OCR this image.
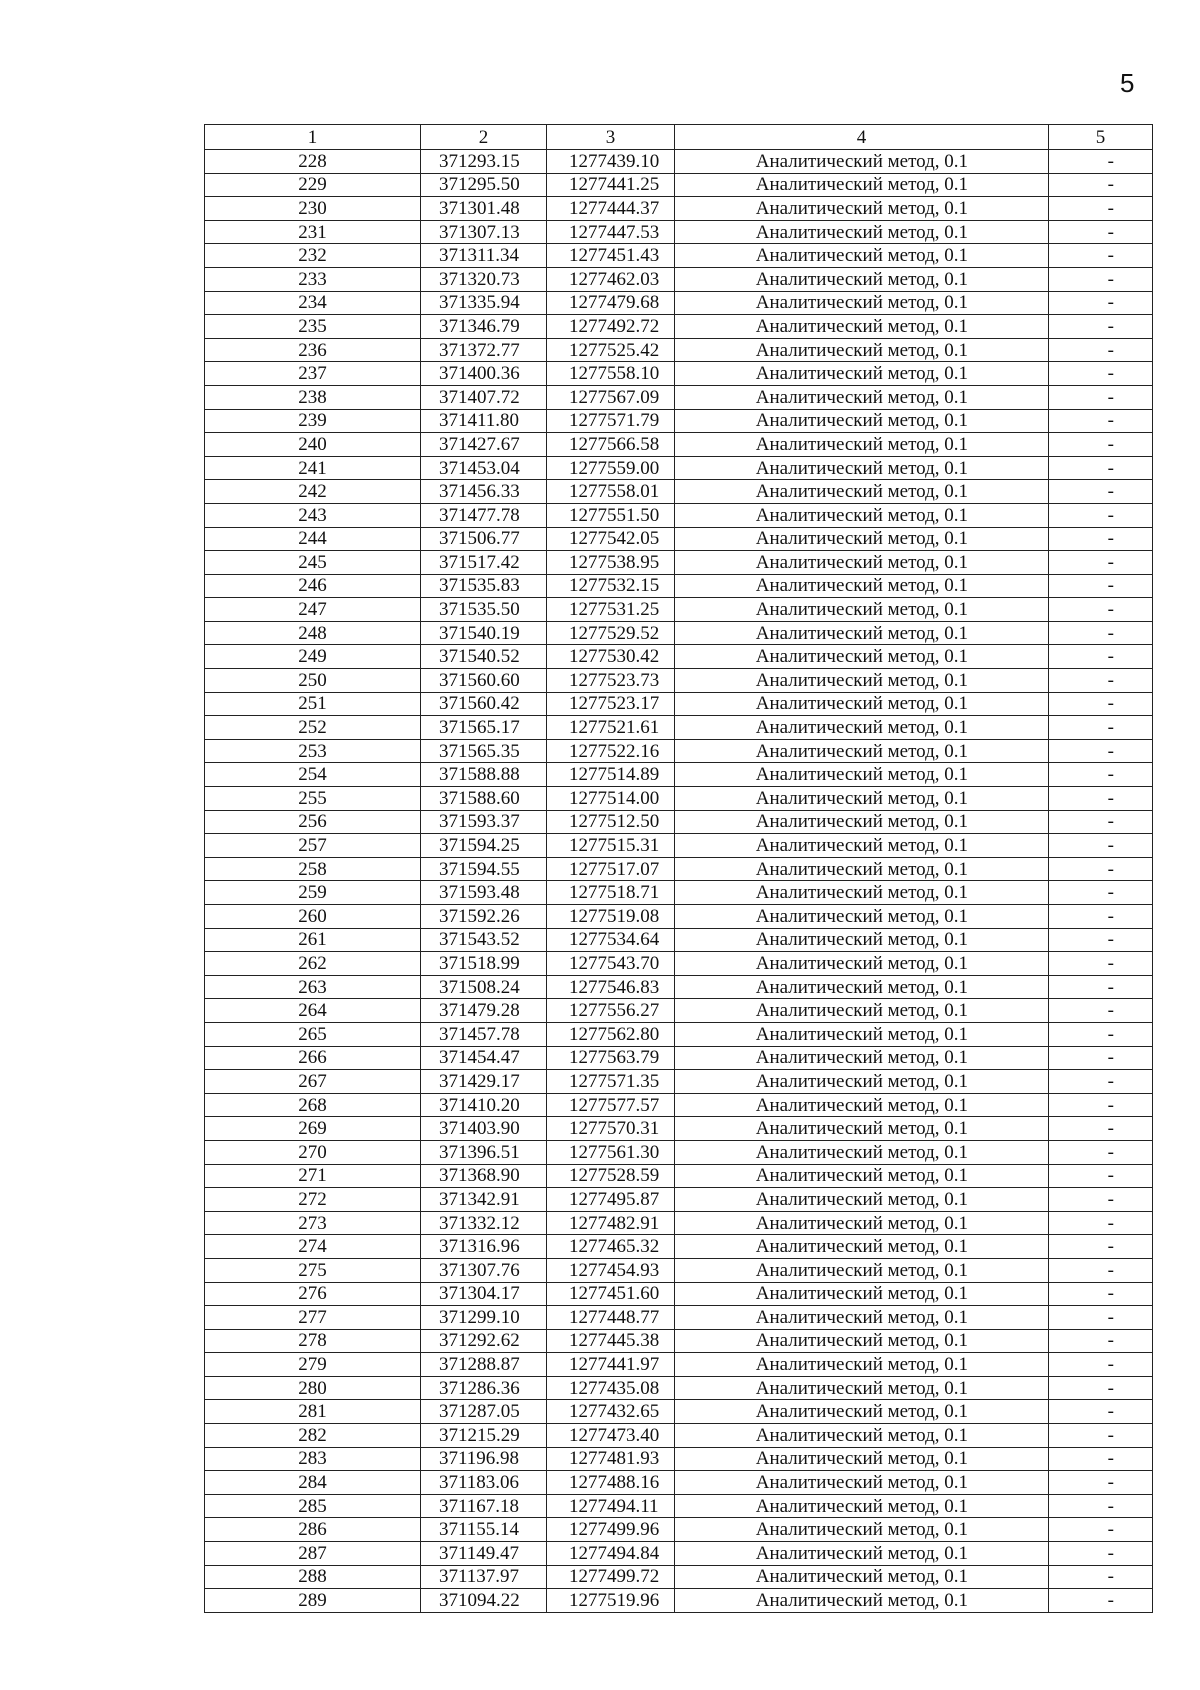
5
1	2	3	4	5
228	371293.15	1277439.10	Аналитический метод, 0.1	-
229	371295.50	1277441.25	Аналитический метод, 0.1	-
230	371301.48	1277444.37	Аналитический метод, 0.1	-
231	371307.13	1277447.53	Аналитический метод, 0.1	-
232	371311.34	1277451.43	Аналитический метод, 0.1	-
233	371320.73	1277462.03	Аналитический метод, 0.1	-
234	371335.94	1277479.68	Аналитический метод, 0.1	-
235	371346.79	1277492.72	Аналитический метод, 0.1	-
236	371372.77	1277525.42	Аналитический метод, 0.1	-
237	371400.36	1277558.10	Аналитический метод, 0.1	-
238	371407.72	1277567.09	Аналитический метод, 0.1	-
239	371411.80	1277571.79	Аналитический метод, 0.1	-
240	371427.67	1277566.58	Аналитический метод, 0.1	-
241	371453.04	1277559.00	Аналитический метод, 0.1	-
242	371456.33	1277558.01	Аналитический метод, 0.1	-
243	371477.78	1277551.50	Аналитический метод, 0.1	-
244	371506.77	1277542.05	Аналитический метод, 0.1	-
245	371517.42	1277538.95	Аналитический метод, 0.1	-
246	371535.83	1277532.15	Аналитический метод, 0.1	-
247	371535.50	1277531.25	Аналитический метод, 0.1	-
248	371540.19	1277529.52	Аналитический метод, 0.1	-
249	371540.52	1277530.42	Аналитический метод, 0.1	-
250	371560.60	1277523.73	Аналитический метод, 0.1	-
251	371560.42	1277523.17	Аналитический метод, 0.1	-
252	371565.17	1277521.61	Аналитический метод, 0.1	-
253	371565.35	1277522.16	Аналитический метод, 0.1	-
254	371588.88	1277514.89	Аналитический метод, 0.1	-
255	371588.60	1277514.00	Аналитический метод, 0.1	-
256	371593.37	1277512.50	Аналитический метод, 0.1	-
257	371594.25	1277515.31	Аналитический метод, 0.1	-
258	371594.55	1277517.07	Аналитический метод, 0.1	-
259	371593.48	1277518.71	Аналитический метод, 0.1	-
260	371592.26	1277519.08	Аналитический метод, 0.1	-
261	371543.52	1277534.64	Аналитический метод, 0.1	-
262	371518.99	1277543.70	Аналитический метод, 0.1	-
263	371508.24	1277546.83	Аналитический метод, 0.1	-
264	371479.28	1277556.27	Аналитический метод, 0.1	-
265	371457.78	1277562.80	Аналитический метод, 0.1	-
266	371454.47	1277563.79	Аналитический метод, 0.1	-
267	371429.17	1277571.35	Аналитический метод, 0.1	-
268	371410.20	1277577.57	Аналитический метод, 0.1	-
269	371403.90	1277570.31	Аналитический метод, 0.1	-
270	371396.51	1277561.30	Аналитический метод, 0.1	-
271	371368.90	1277528.59	Аналитический метод, 0.1	-
272	371342.91	1277495.87	Аналитический метод, 0.1	-
273	371332.12	1277482.91	Аналитический метод, 0.1	-
274	371316.96	1277465.32	Аналитический метод, 0.1	-
275	371307.76	1277454.93	Аналитический метод, 0.1	-
276	371304.17	1277451.60	Аналитический метод, 0.1	-
277	371299.10	1277448.77	Аналитический метод, 0.1	-
278	371292.62	1277445.38	Аналитический метод, 0.1	-
279	371288.87	1277441.97	Аналитический метод, 0.1	-
280	371286.36	1277435.08	Аналитический метод, 0.1	-
281	371287.05	1277432.65	Аналитический метод, 0.1	-
282	371215.29	1277473.40	Аналитический метод, 0.1	-
283	371196.98	1277481.93	Аналитический метод, 0.1	-
284	371183.06	1277488.16	Аналитический метод, 0.1	-
285	371167.18	1277494.11	Аналитический метод, 0.1	-
286	371155.14	1277499.96	Аналитический метод, 0.1	-
287	371149.47	1277494.84	Аналитический метод, 0.1	-
288	371137.97	1277499.72	Аналитический метод, 0.1	-
289	371094.22	1277519.96	Аналитический метод, 0.1	-
